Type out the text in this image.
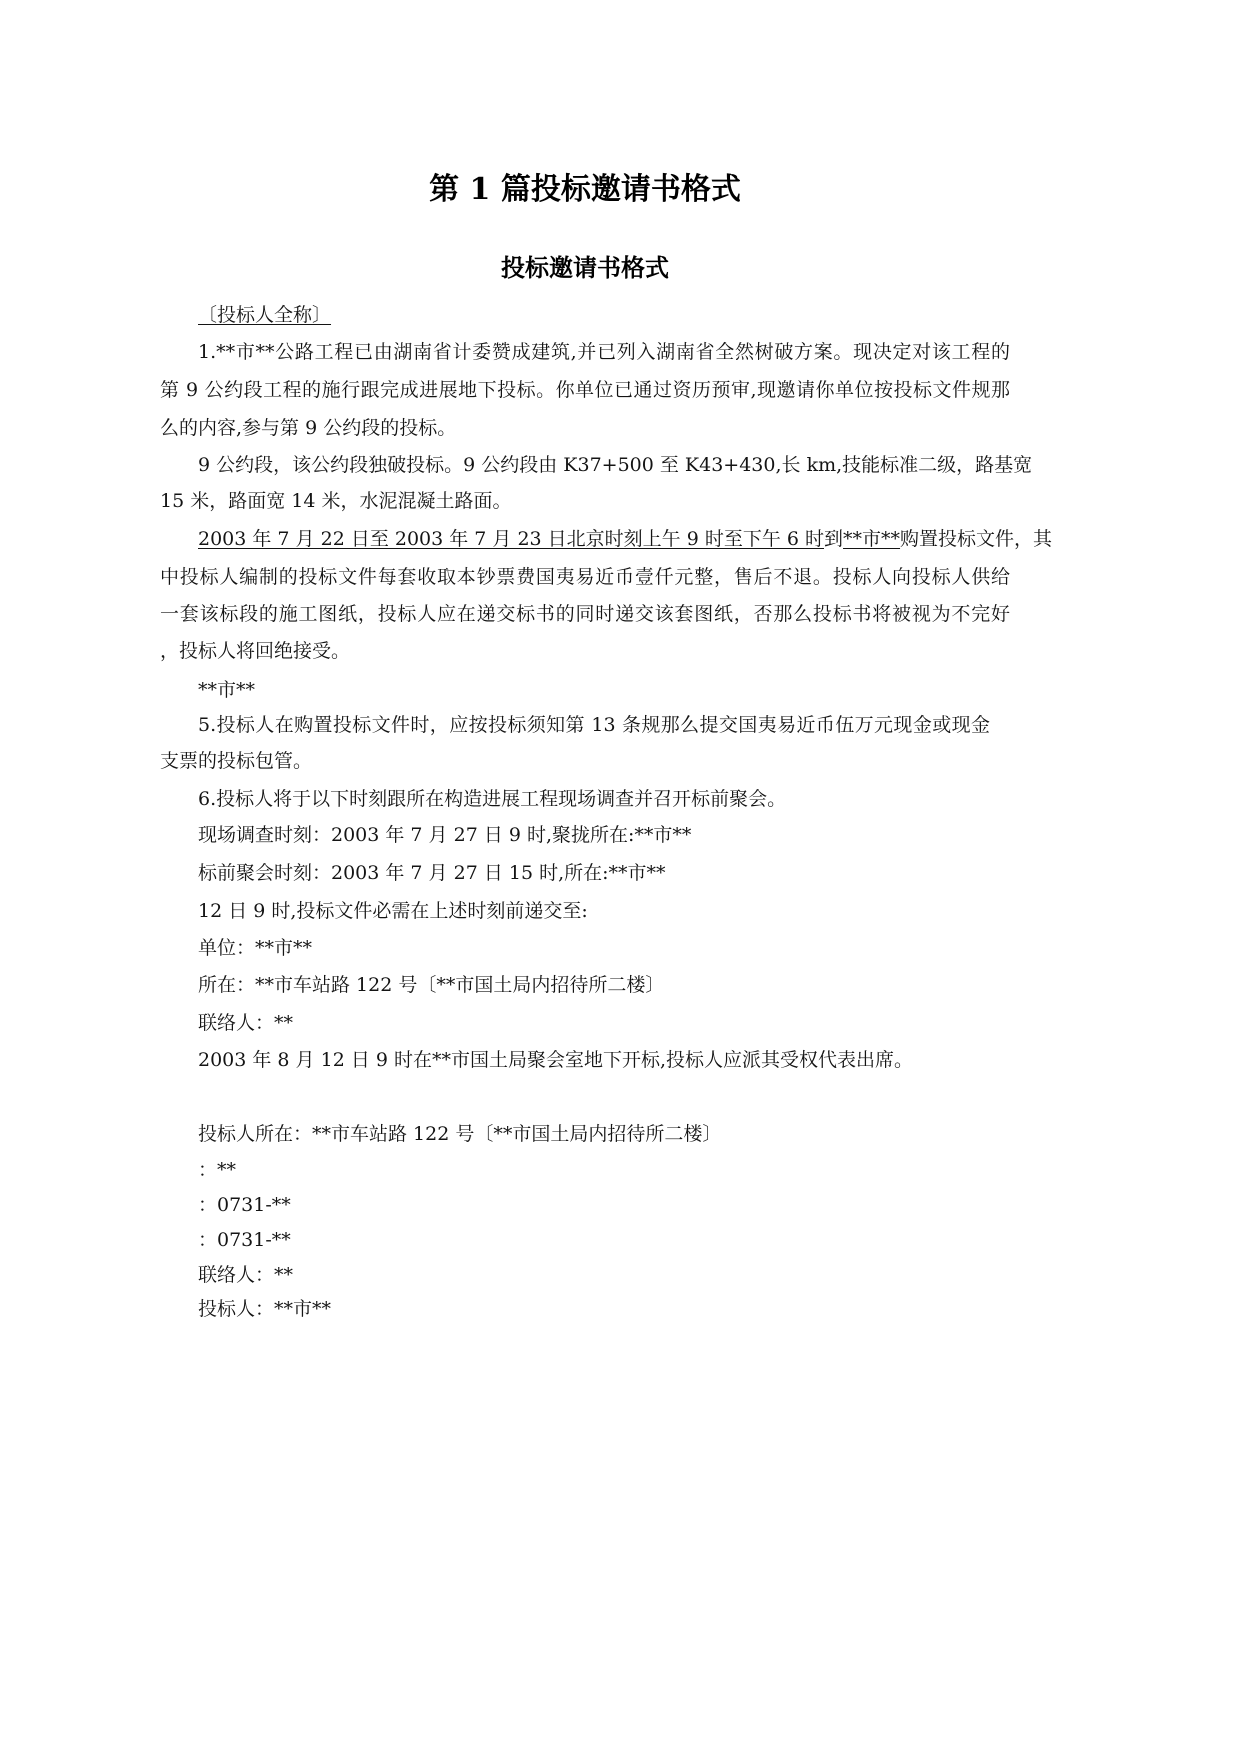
第 1 篇投标邀请书格式
投标邀请书格式
〔投标人全称〕
1.**市**公路工程已由湖南省计委赞成建筑,并已列入湖南省全然树破方案。现决定对该工程的
第 9 公约段工程的施行跟完成进展地下投标。你单位已通过资历预审,现邀请你单位按投标文件规那
么的内容,参与第 9 公约段的投标。
9 公约段，该公约段独破投标。9 公约段由 K37+500 至 K43+430,长 km,技能标准二级，路基宽
15 米，路面宽 14 米，水泥混凝土路面。
2003 年 7 月 22 日至 2003 年 7 月 23 日北京时刻上午 9 时至下午 6 时到**市**购置投标文件，其
中投标人编制的投标文件每套收取本钞票费国夷易近币壹仟元整，售后不退。投标人向投标人供给
一套该标段的施工图纸，投标人应在递交标书的同时递交该套图纸，否那么投标书将被视为不完好
，投标人将回绝接受。
**市**
5.投标人在购置投标文件时，应按投标须知第 13 条规那么提交国夷易近币伍万元现金或现金
支票的投标包管。
6.投标人将于以下时刻跟所在构造进展工程现场调查并召开标前聚会。
现场调查时刻：2003 年 7 月 27 日 9 时,聚拢所在:**市**
标前聚会时刻：2003 年 7 月 27 日 15 时,所在:**市**
12 日 9 时,投标文件必需在上述时刻前递交至:
单位：**市**
所在：**市车站路 122 号〔**市国土局内招待所二楼〕
联络人：**
2003 年 8 月 12 日 9 时在**市国土局聚会室地下开标,投标人应派其受权代表出席。
投标人所在：**市车站路 122 号〔**市国土局内招待所二楼〕
：**
：0731-**
：0731-**
联络人：**
投标人：**市**
